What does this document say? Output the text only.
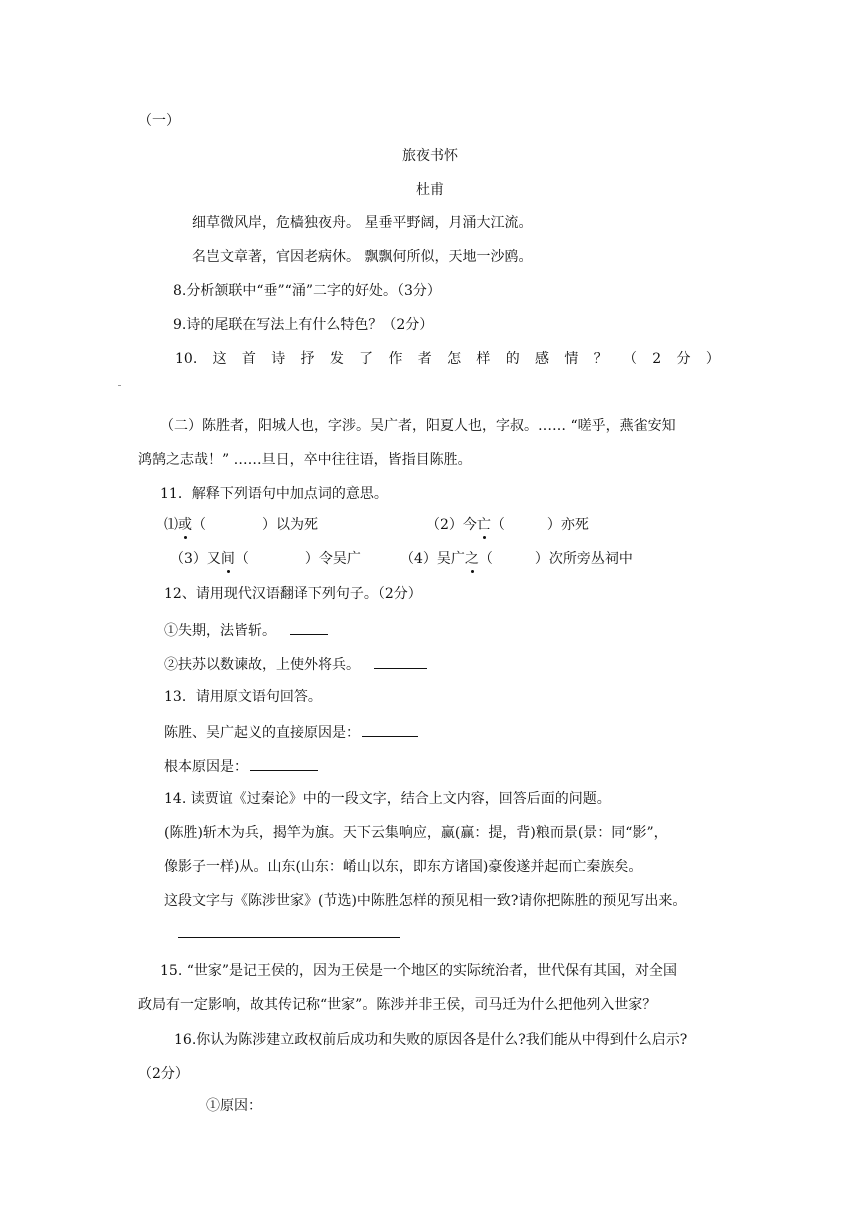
（一）
旅夜书怀
杜甫
细草微风岸，危樯独夜舟。 星垂平野阔，月涌大江流。
名岂文章著，官因老病休。 飘飘何所似，天地一沙鸥。
8.分析颔联中“垂”“涌”二字的好处。（3分）
9.诗的尾联在写法上有什么特色？（2分）
10. 这 首 诗 抒 发 了 作 者 怎 样 的 感 情 ？ （ 2 分 ）
（二）陈胜者，阳城人也，字涉。吴广者，阳夏人也，字叔。…… “嗟乎，燕雀安知
鸿鹄之志哉！” ……旦日，卒中往往语，皆指目陈胜。
11．解释下列语句中加点词的意思。
⑴或（　　　　）以为死	（2）今亡（　　　）亦死
（3）又间（　　　　）令吴广	（4）吴广之（　　　）次所旁丛祠中
12、请用现代汉语翻译下列句子。（2分）
①失期，法皆斩。
②扶苏以数谏故，上使外将兵。
13．请用原文语句回答。
陈胜、吴广起义的直接原因是：
根本原因是：
14. 读贾谊《过秦论》中的一段文字，结合上文内容，回答后面的问题。
(陈胜)斩木为兵，揭竿为旗。天下云集响应，赢(赢：提，背)粮而景(景：同“影”，
像影子一样)从。山东(山东：崤山以东，即东方诸国)豪俊遂并起而亡秦族矣。
这段文字与《陈涉世家》(节选)中陈胜怎样的预见相一致?请你把陈胜的预见写出来。
15. “世家”是记王侯的，因为王侯是一个地区的实际统治者，世代保有其国，对全国
政局有一定影响，故其传记称“世家”。陈涉并非王侯，司马迁为什么把他列入世家？
16.你认为陈涉建立政权前后成功和失败的原因各是什么?我们能从中得到什么启示?
（2分）
①原因：
